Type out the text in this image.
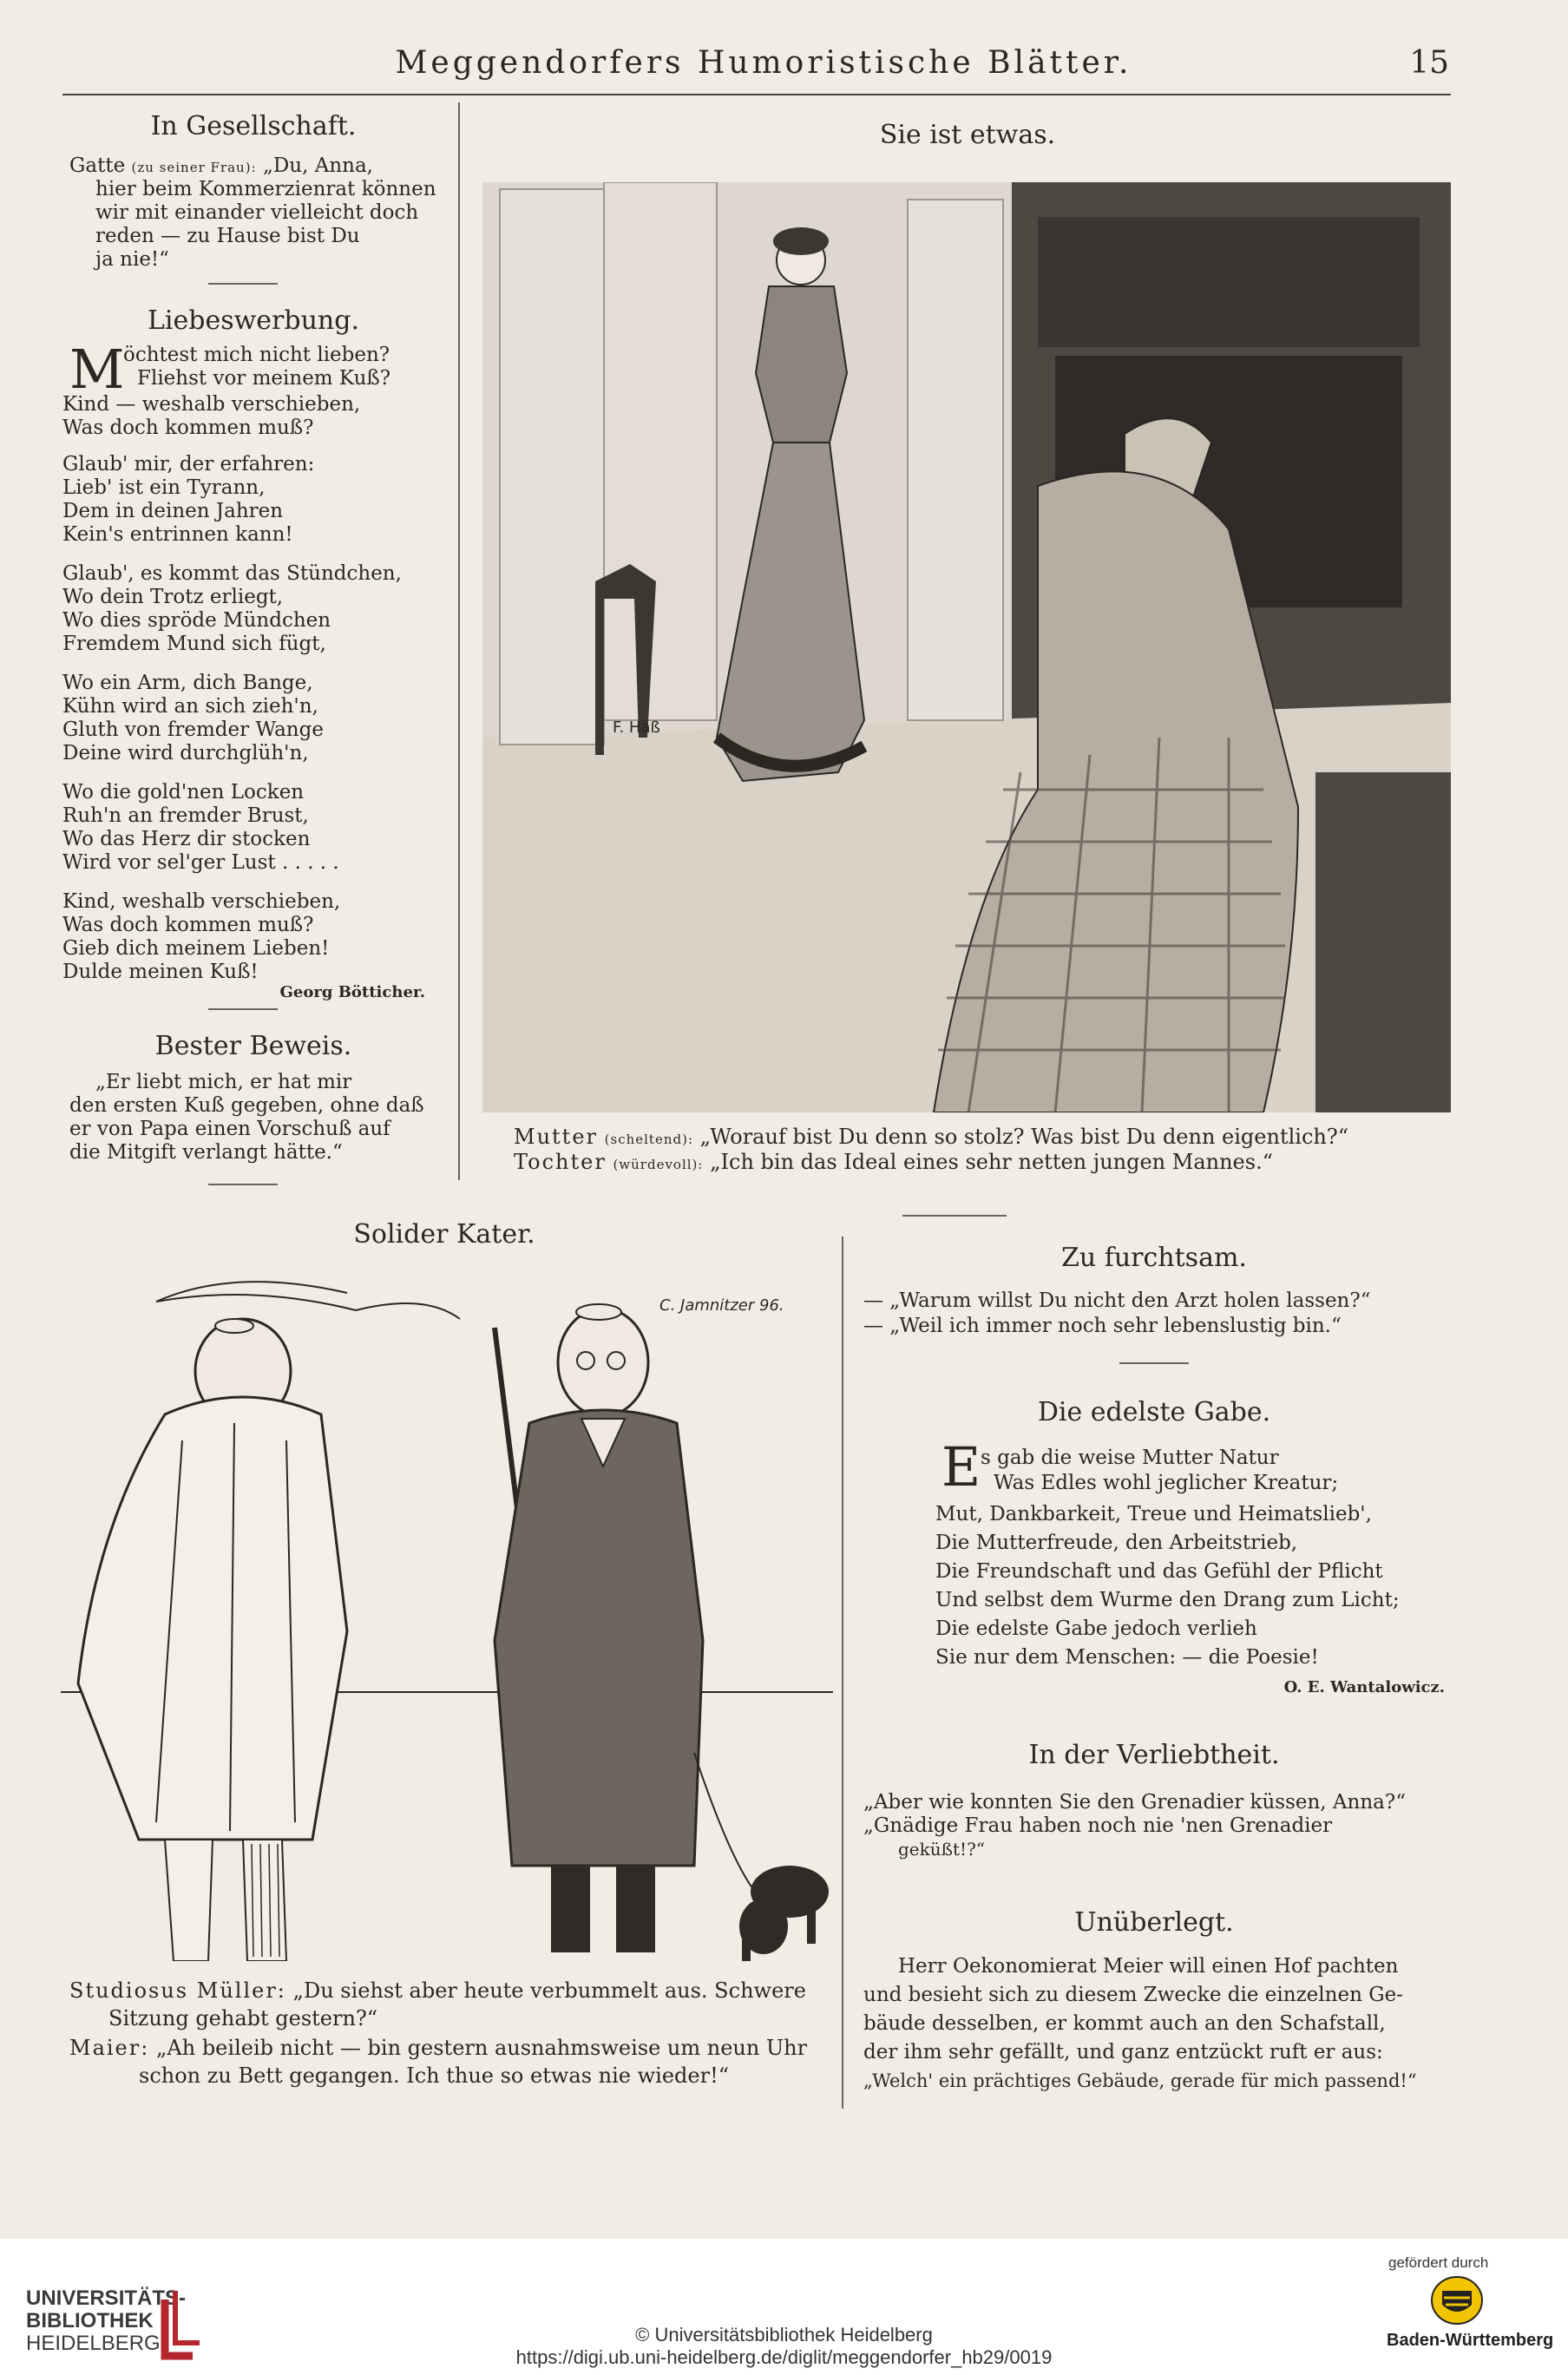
Meggendorfers Humoristische Blätter.	15
In Gesellschaft.
Gatte (zu seiner Frau): „Du, Anna,
hier beim Kommerzienrat können
wir mit einander vielleicht doch
reden — zu Hause bist Du
ja nie!“
Liebeswerbung.
M
öchtest mich nicht lieben?
Fliehst vor meinem Kuß?
Kind — weshalb verschieben,
Was doch kommen muß?
Glaub' mir, der erfahren:
Lieb' ist ein Tyrann,
Dem in deinen Jahren
Kein's entrinnen kann!
Glaub', es kommt das Stündchen,
Wo dein Trotz erliegt,
Wo dies spröde Mündchen
Fremdem Mund sich fügt,
Wo ein Arm, dich Bange,
Kühn wird an sich zieh'n,
Gluth von fremder Wange
Deine wird durchglüh'n,
Wo die gold'nen Locken
Ruh'n an fremder Brust,
Wo das Herz dir stocken
Wird vor sel'ger Lust . . . . .
Kind, weshalb verschieben,
Was doch kommen muß?
Gieb dich meinem Lieben!
Dulde meinen Kuß!
Georg Bötticher.
Bester Beweis.
„Er liebt mich, er hat mir
den ersten Kuß gegeben, ohne daß
er von Papa einen Vorschuß auf
die Mitgift verlangt hätte.“
Sie ist etwas.
F. Haß
Mutter (scheltend): „Worauf bist Du denn so stolz? Was bist Du denn eigentlich?“
Tochter (würdevoll): „Ich bin das Ideal eines sehr netten jungen Mannes.“
Solider Kater.
C. Jamnitzer 96.
Studiosus Müller: „Du siehst aber heute verbummelt aus. Schwere
Sitzung gehabt gestern?“
Maier: „Ah beileib nicht — bin gestern ausnahmsweise um neun Uhr
schon zu Bett gegangen. Ich thue so etwas nie wieder!“
Zu furchtsam.
— „Warum willst Du nicht den Arzt holen lassen?“
— „Weil ich immer noch sehr lebenslustig bin.“
Die edelste Gabe.
E s gab die weise Mutter Natur
Was Edles wohl jeglicher Kreatur;
Mut, Dankbarkeit, Treue und Heimatslieb',
Die Mutterfreude, den Arbeitstrieb,
Die Freundschaft und das Gefühl der Pflicht
Und selbst dem Wurme den Drang zum Licht;
Die edelste Gabe jedoch verlieh
Sie nur dem Menschen: — die Poesie!
O. E. Wantalowicz.
In der Verliebtheit.
„Aber wie konnten Sie den Grenadier küssen, Anna?“
„Gnädige Frau haben noch nie 'nen Grenadier
geküßt!?“
Unüberlegt.
Herr Oekonomierat Meier will einen Hof pachten
und besieht sich zu diesem Zwecke die einzelnen Ge-
bäude desselben, er kommt auch an den Schafstall,
der ihm sehr gefällt, und ganz entzückt ruft er aus:
„Welch' ein prächtiges Gebäude, gerade für mich passend!“
UNIVERSITÄTS-
BIBLIOTHEK
HEIDELBERG	© Universitätsbibliothek Heidelberg
https://digi.ub.uni-heidelberg.de/diglit/meggendorfer_hb29/0019
gefördert durch
Baden-Württemberg
